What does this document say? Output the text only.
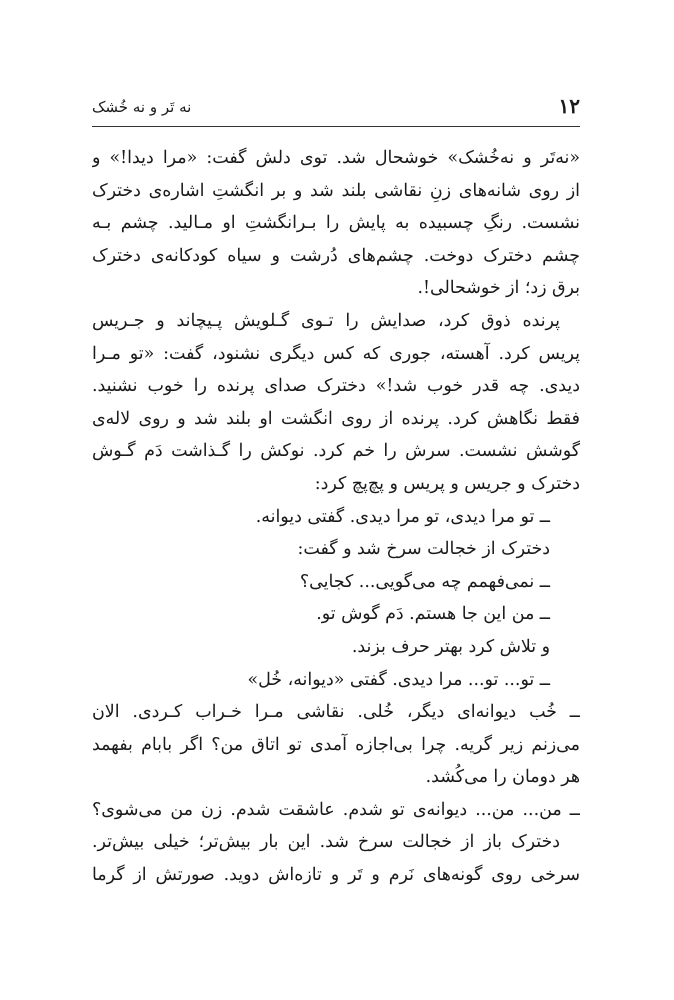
۱۲
نه تَر و نه خُشک
«نه‌تَر و نه‌خُشک» خوشحال شد. توی دلش گفت: «مرا دیدا!» و
از روی شانه‌های زنِ نقاشی بلند شد و بر انگشتِ اشاره‌ی دخترک
نشست. رنگِ چسبیده به پایش را بـرانگشتِ او مـالید. چشم بـه
چشم دخترک دوخت. چشم‌های دُرشت و سیاه کودکانه‌ی دخترک
برق زد؛ از خوشحالی!.
پرنده ذوق کرد، صدایش را تـوی گـلویش پـیچاند و جـریس
پریس کرد. آهسته، جوری که کس دیگری نشنود، گفت: «تو مـرا
دیدی. چه قدر خوب شد!» دخترک صدای پرنده را خوب نشنید.
فقط نگاهش کرد. پرنده از روی انگشت او بلند شد و روی لاله‌ی
گوشش نشست. سرش را خم کرد. نوکش را گـذاشت دَم گـوش
دخترک و جریس و پریس و پچ‌پچ کرد:
ــ تو مرا دیدی، تو مرا دیدی. گفتی دیوانه.
دخترک از خجالت سرخ شد و گفت:
ــ نمی‌فهمم چه می‌گویی... کجایی؟
ــ من این جا هستم. دَم گوش تو.
و تلاش کرد بهتر حرف بزند.
ــ تو... تو... مرا دیدی. گفتی «دیوانه، خُل»
ــ خُب دیوانه‌ای دیگر، خُلی. نقاشی مـرا خـراب کـردی. الان
می‌زنم زیر گریه. چرا بی‌اجازه آمدی تو اتاق من؟ اگر بابام بفهمد
هر دومان را می‌کُشد.
ــ من... من... دیوانه‌ی تو شدم. عاشقت شدم. زن من می‌شوی؟
دخترک باز از خجالت سرخ شد. این بار بیش‌تر؛ خیلی بیش‌تر.
سرخی روی گونه‌های نَرم و تَر و تازه‌اش دوید. صورتش از گرما
